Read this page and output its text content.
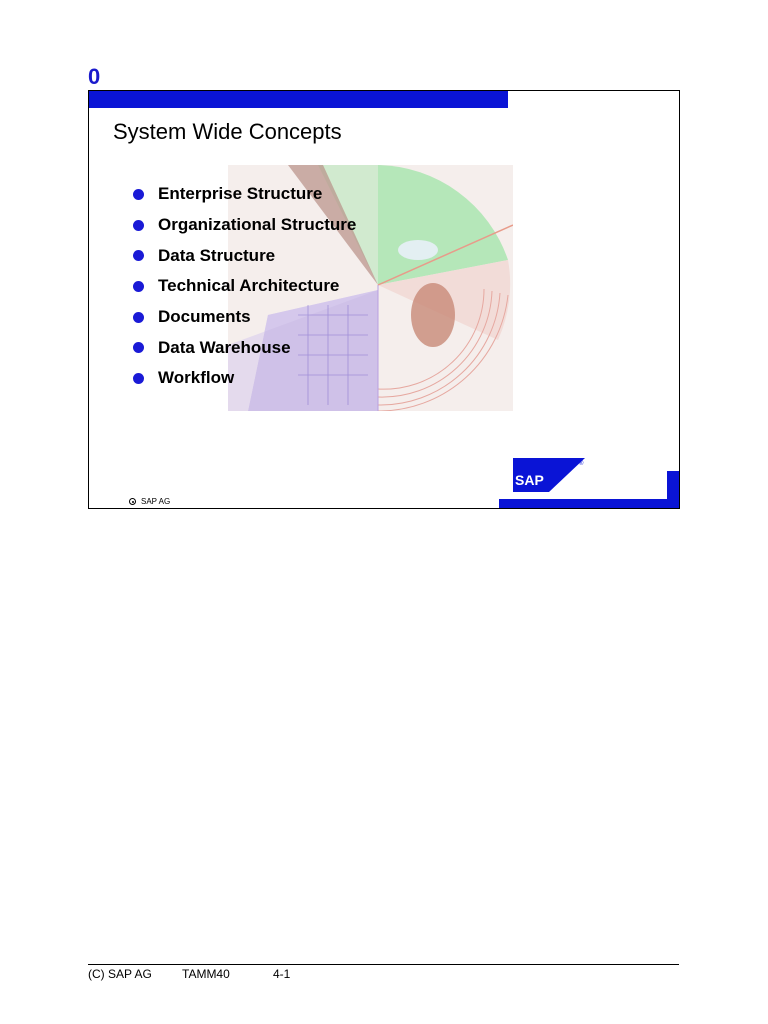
0
System Wide Concepts
Enterprise Structure
Organizational Structure
Data Structure
Technical Architecture
Documents
Data Warehouse
Workflow
SAP AG
SAP
®
(C) SAP AG	TAMM40	4-1
